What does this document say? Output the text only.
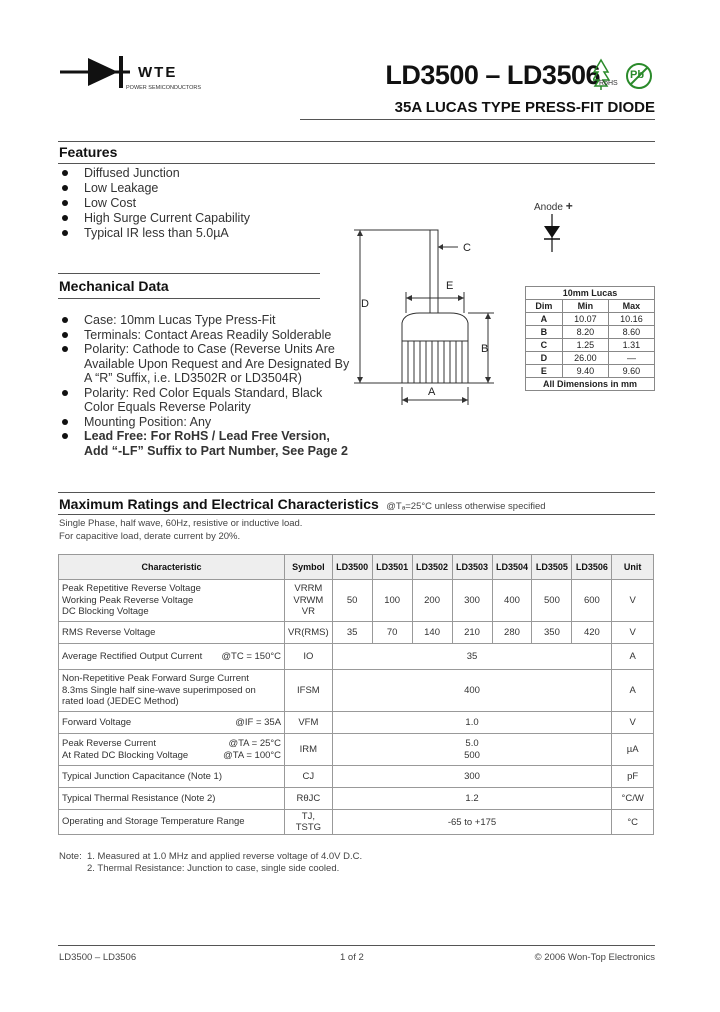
WTE
POWER SEMICONDUCTORS	LD3500 – LD3506 RoHS
Pb
35A LUCAS TYPE PRESS-FIT DIODE
Features
Diffused Junction
Low Leakage
Low Cost
High Surge Current Capability
Typical IR less than 5.0µA
Mechanical Data
Case: 10mm Lucas Type Press-Fit
Terminals: Contact Areas Readily Solderable
Polarity: Cathode to Case (Reverse Units Are Available Upon Request and Are Designated By A “R” Suffix, i.e. LD3502R or LD3504R)
Polarity: Red Color Equals Standard, Black Color Equals Reverse Polarity
Mounting Position: Any
Lead Free: For RoHS / Lead Free Version, Add “-LF” Suffix to Part Number, See Page 2
C
D
E
B
A
Anode +
10mm Lucas		
Dim	Min	Max
A	10.07	10.16
B	8.20	8.60
C	1.25	1.31
D	26.00	—
E	9.40	9.60
All Dimensions in mm		
Maximum Ratings and Electrical Characteristics @Tₐ=25°C unless otherwise specified
Single Phase, half wave, 60Hz, resistive or inductive load.
For capacitive load, derate current by 20%.
Characteristic	Symbol	LD3500	LD3501	LD3502	LD3503	LD3504	LD3505	LD3506	Unit
Peak Repetitive Reverse Voltage
Working Peak Reverse Voltage
DC Blocking Voltage	VRRM
VRWM
VR	50	100	200	300	400	500	600	V
RMS Reverse Voltage	VR(RMS)	35	70	140	210	280	350	420	V
Average Rectified Output Current @TC = 150°C	IO	35							A
Non-Repetitive Peak Forward Surge Current
8.3ms Single half sine-wave superimposed on
rated load (JEDEC Method)	IFSM	400							A
Forward Voltage @IF = 35A	VFM	1.0							V
Peak Reverse Current
At Rated DC Blocking Voltage
@TA = 25°C
@TA = 100°C	IRM	5.0
500							µA
Typical Junction Capacitance (Note 1)	CJ	300							pF
Typical Thermal Resistance (Note 2)	RθJC	1.2							°C/W
Operating and Storage Temperature Range	TJ, TSTG	-65 to +175							°C
Note: 1. Measured at 1.0 MHz and applied reverse voltage of 4.0V D.C.
2. Thermal Resistance: Junction to case, single side cooled.
LD3500 – LD3506	1 of 2	© 2006 Won-Top Electronics
